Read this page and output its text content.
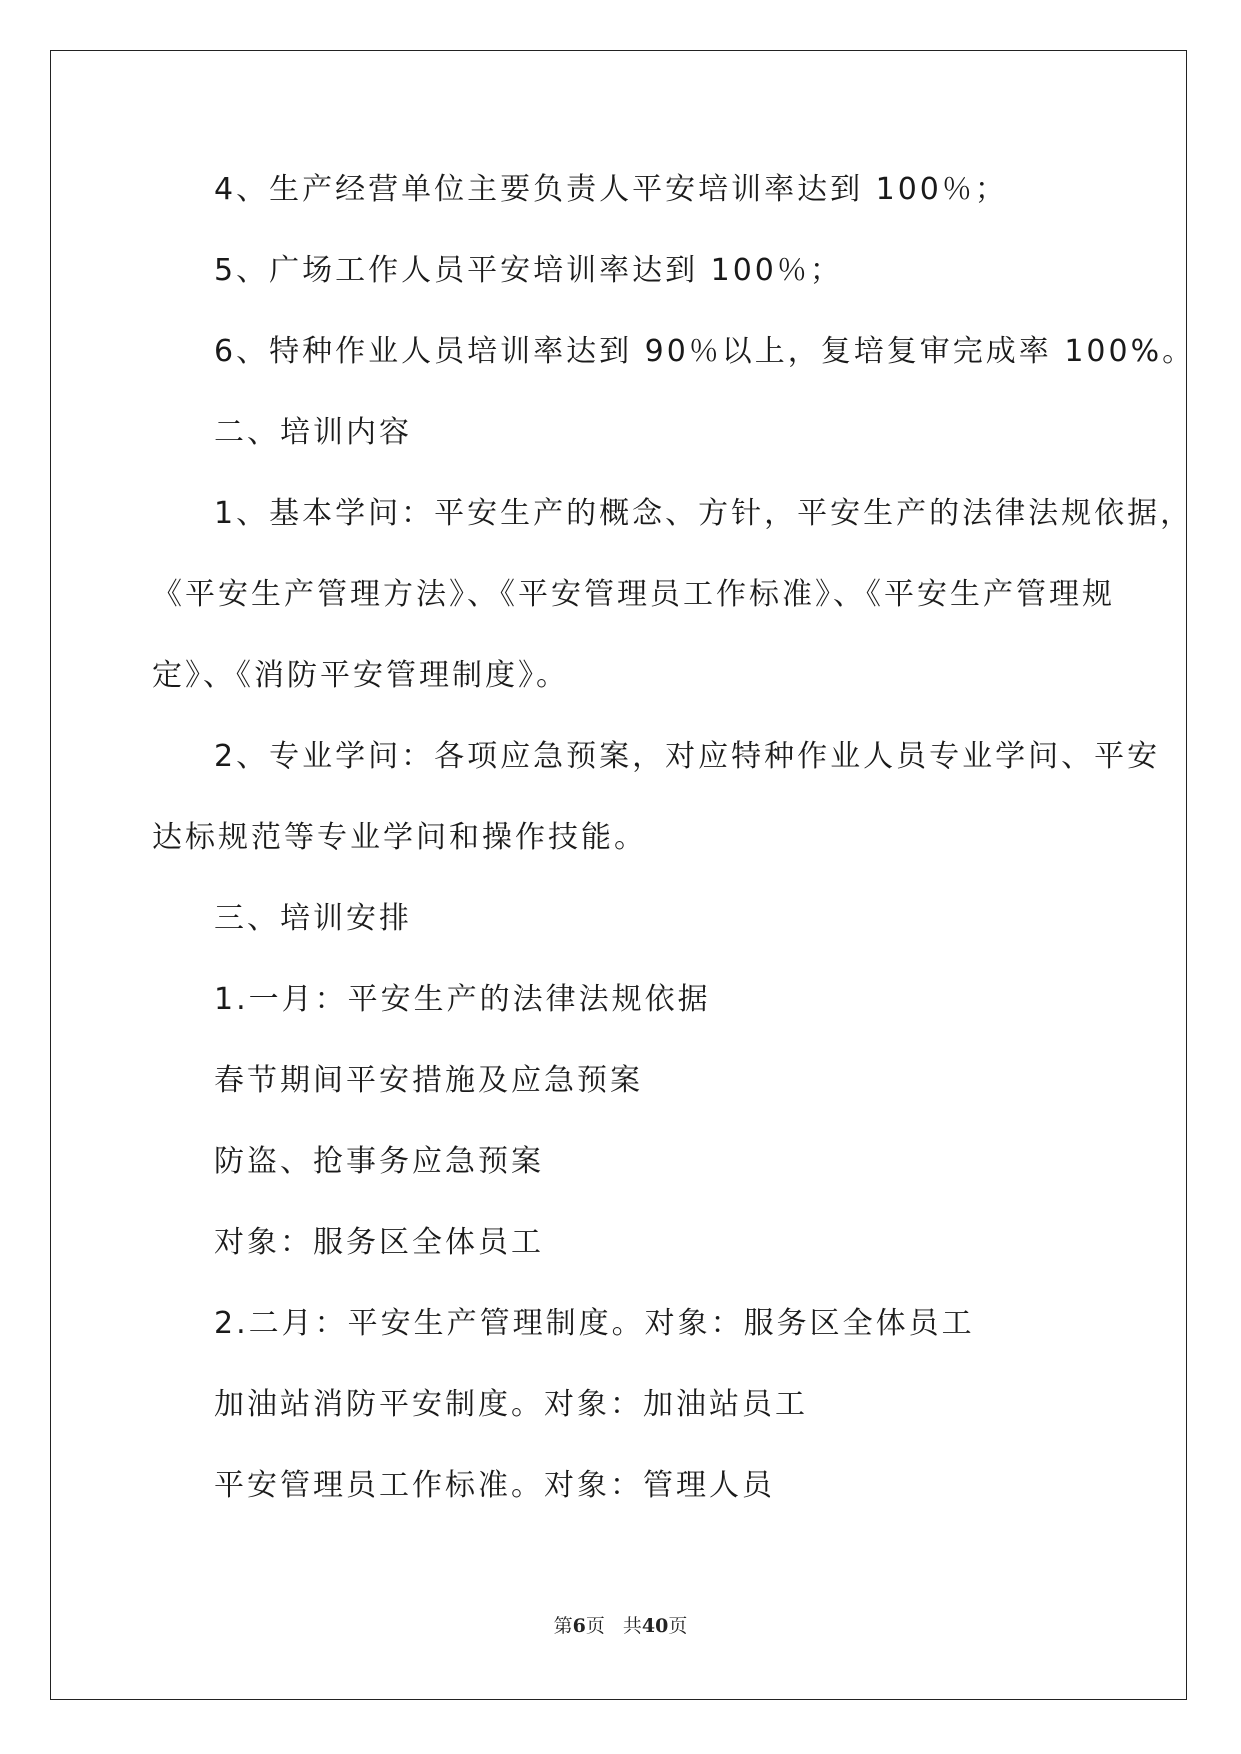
4、生产经营单位主要负责人平安培训率达到 100％；
5、广场工作人员平安培训率达到 100％；
6、特种作业人员培训率达到 90％以上，复培复审完成率 100%。
二、培训内容
1、基本学问：平安生产的概念、方针，平安生产的法律法规依据，
《平安生产管理方法》、《平安管理员工作标准》、《平安生产管理规
定》、《消防平安管理制度》。
2、专业学问：各项应急预案，对应特种作业人员专业学问、平安
达标规范等专业学问和操作技能。
三、培训安排
1.一月：平安生产的法律法规依据
春节期间平安措施及应急预案
防盗、抢事务应急预案
对象：服务区全体员工
2.二月：平安生产管理制度。对象：服务区全体员工
加油站消防平安制度。对象：加油站员工
平安管理员工作标准。对象：管理人员
第6页 共40页
